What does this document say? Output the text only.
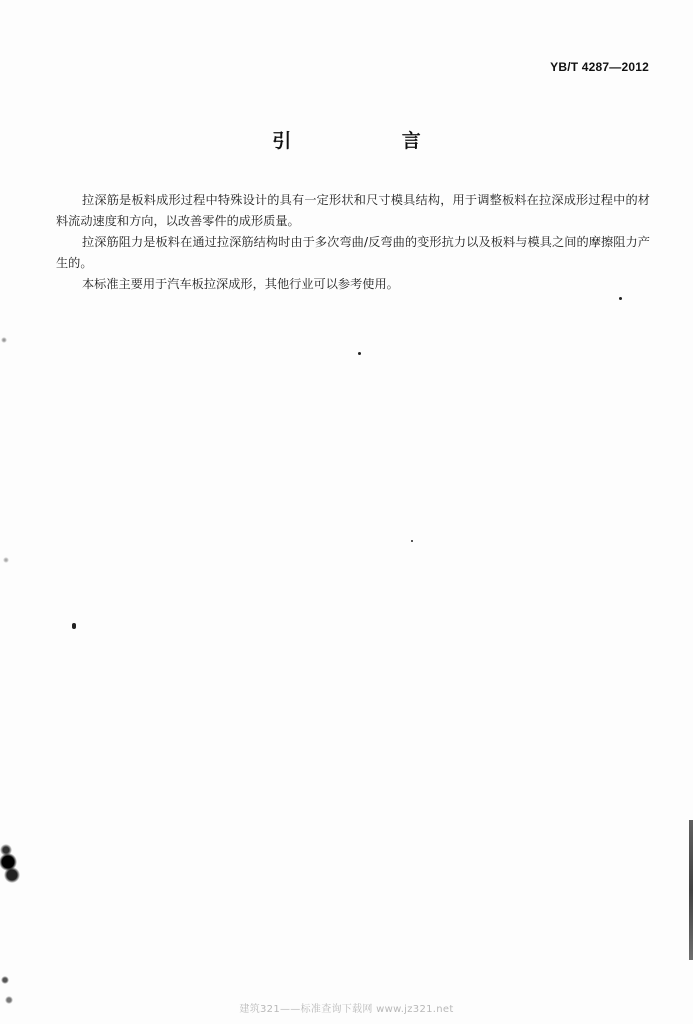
YB/T 4287—2012
引 言

拉深筋是板料成形过程中特殊设计的具有一定形状和尺寸模具结构，用于调整板料在拉深成形过程中的材料流动速度和方向，以改善零件的成形质量。

拉深筋阻力是板料在通过拉深筋结构时由于多次弯曲/反弯曲的变形抗力以及板料与模具之间的摩擦阻力产生的。

本标准主要用于汽车板拉深成形，其他行业可以参考使用。

建筑321——标准查询下载网 www.jz321.net
